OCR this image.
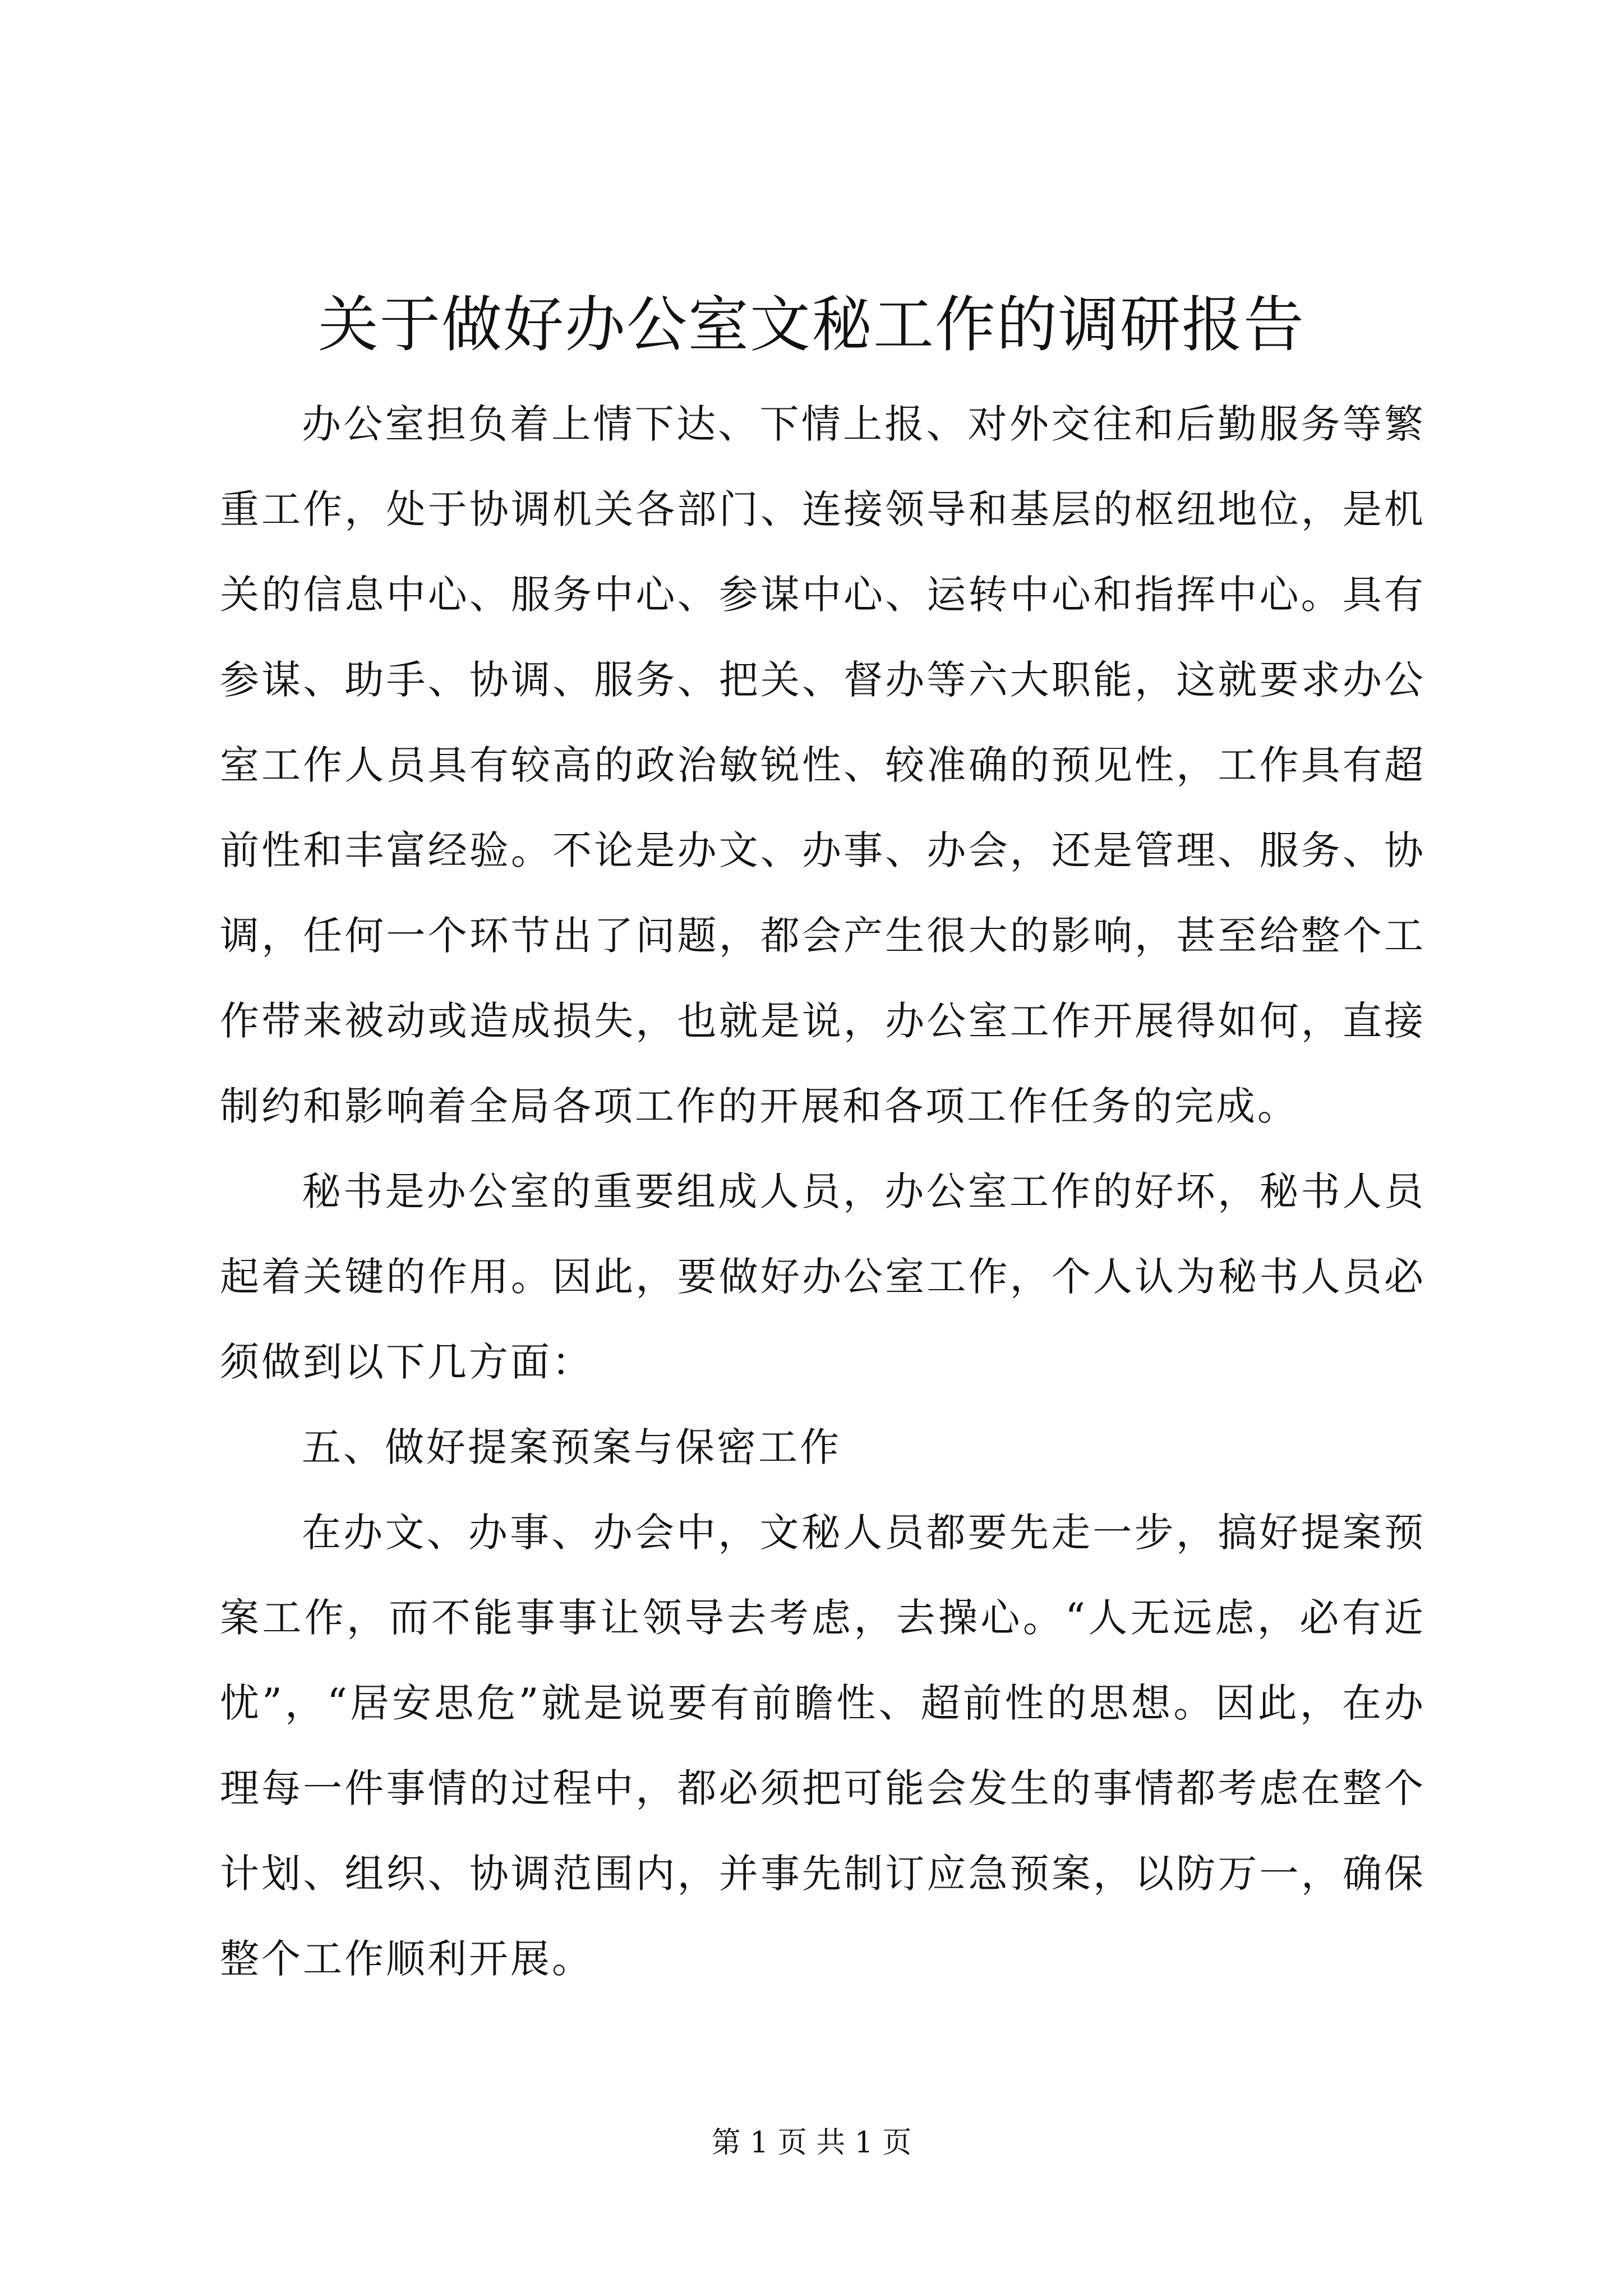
关于做好办公室文秘工作的调研报告

办公室担负着上情下达、下情上报、对外交往和后勤服务等繁重工作，处于协调机关各部门、连接领导和基层的枢纽地位，是机关的信息中心、服务中心、参谋中心、运转中心和指挥中心。具有参谋、助手、协调、服务、把关、督办等六大职能，这就要求办公室工作人员具有较高的政治敏锐性、较准确的预见性，工作具有超前性和丰富经验。不论是办文、办事、办会，还是管理、服务、协调，任何一个环节出了问题，都会产生很大的影响，甚至给整个工作带来被动或造成损失，也就是说，办公室工作开展得如何，直接制约和影响着全局各项工作的开展和各项工作任务的完成。

秘书是办公室的重要组成人员，办公室工作的好坏，秘书人员起着关键的作用。因此，要做好办公室工作，个人认为秘书人员必须做到以下几方面：

五、做好提案预案与保密工作

在办文、办事、办会中，文秘人员都要先走一步，搞好提案预案工作，而不能事事让领导去考虑，去操心。“人无远虑，必有近忧”，“居安思危”就是说要有前瞻性、超前性的思想。因此，在办理每一件事情的过程中，都必须把可能会发生的事情都考虑在整个计划、组织、协调范围内，并事先制订应急预案，以防万一，确保整个工作顺利开展。

第 1 页 共 1 页
